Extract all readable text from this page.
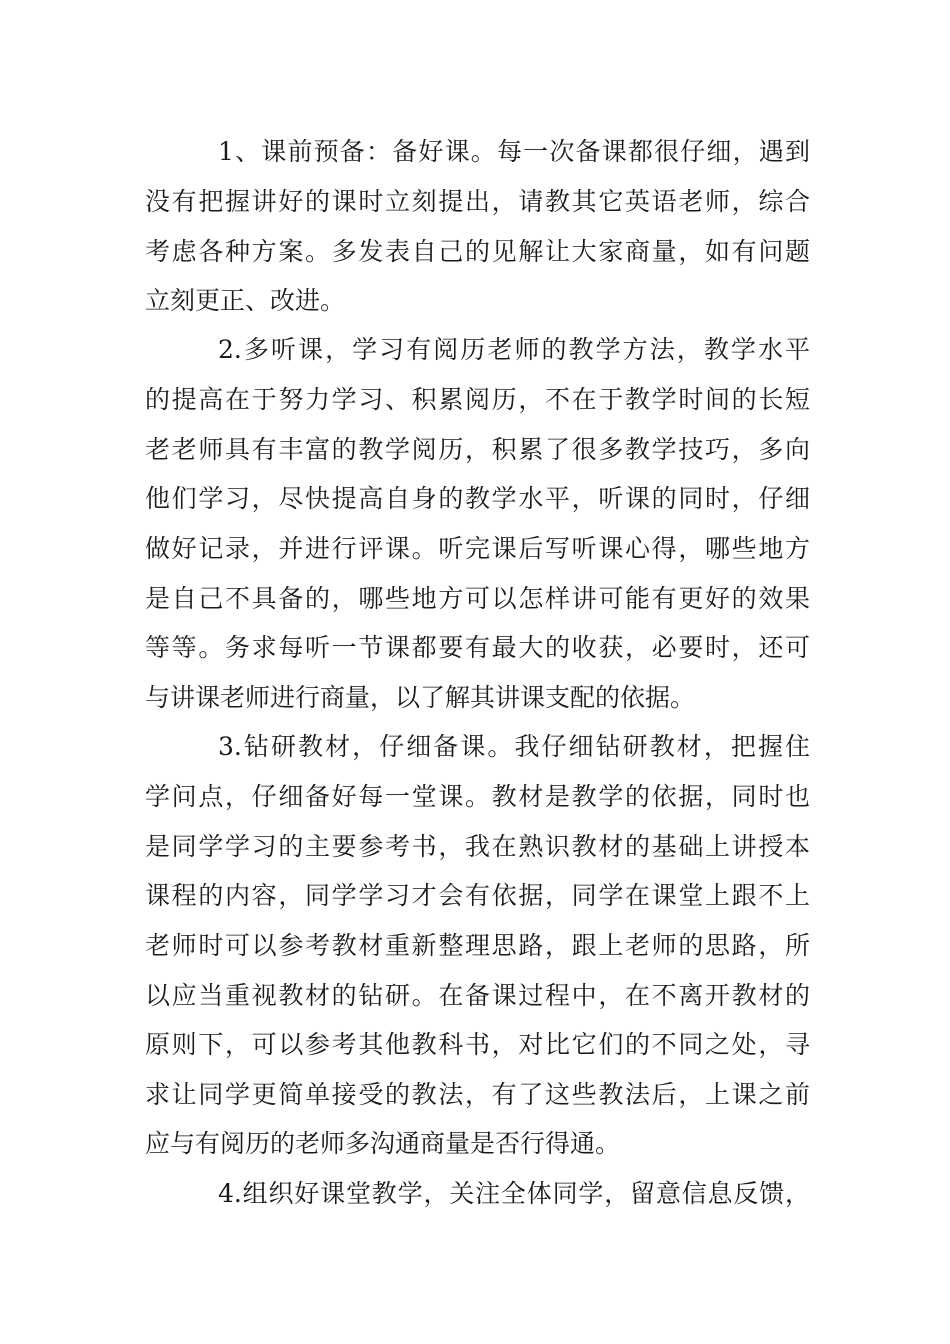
1、课前预备：备好课。每一次备课都很仔细，遇到
没有把握讲好的课时立刻提出，请教其它英语老师，综合
考虑各种方案。多发表自己的见解让大家商量，如有问题
立刻更正、改进。
2.多听课，学习有阅历老师的教学方法，教学水平
的提高在于努力学习、积累阅历，不在于教学时间的长短
老老师具有丰富的教学阅历，积累了很多教学技巧，多向
他们学习，尽快提高自身的教学水平，听课的同时，仔细
做好记录，并进行评课。听完课后写听课心得，哪些地方
是自己不具备的，哪些地方可以怎样讲可能有更好的效果
等等。务求每听一节课都要有最大的收获，必要时，还可
与讲课老师进行商量，以了解其讲课支配的依据。
3.钻研教材，仔细备课。我仔细钻研教材，把握住
学问点，仔细备好每一堂课。教材是教学的依据，同时也
是同学学习的主要参考书，我在熟识教材的基础上讲授本
课程的内容，同学学习才会有依据，同学在课堂上跟不上
老师时可以参考教材重新整理思路，跟上老师的思路，所
以应当重视教材的钻研。在备课过程中，在不离开教材的
原则下，可以参考其他教科书，对比它们的不同之处，寻
求让同学更简单接受的教法，有了这些教法后，上课之前
应与有阅历的老师多沟通商量是否行得通。
4.组织好课堂教学，关注全体同学，留意信息反馈，
